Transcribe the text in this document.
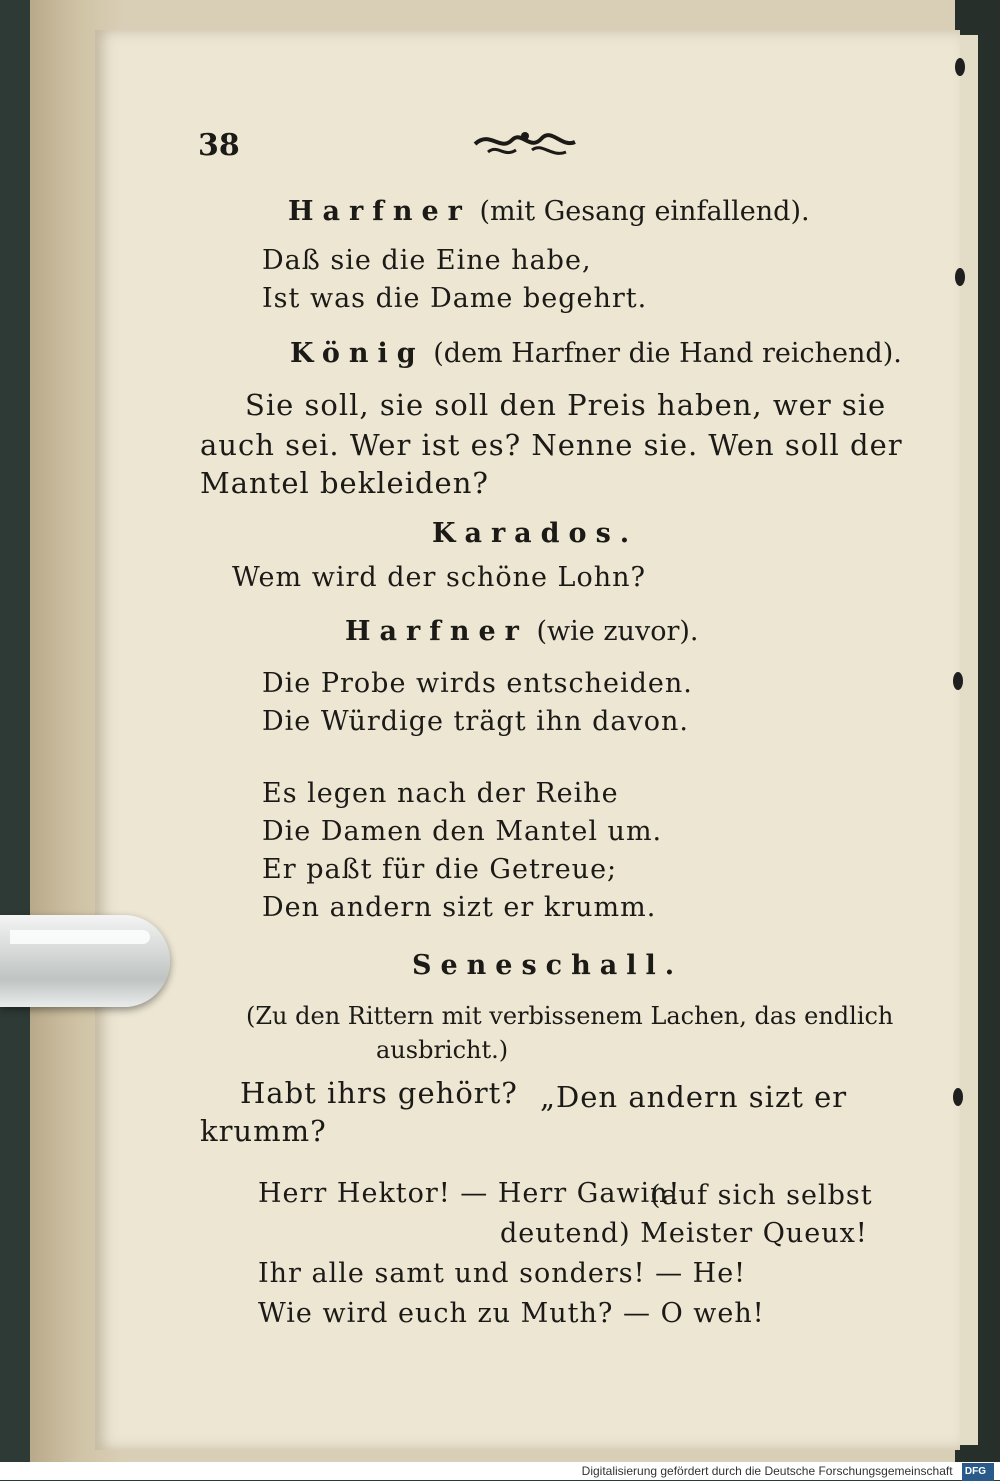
38
Harfner (mit Gesang einfallend).
Daß sie die Eine habe,
Ist was die Dame begehrt.
König (dem Harfner die Hand reichend).
Sie soll, sie soll den Preis haben, wer sie
auch sei. Wer ist es? Nenne sie. Wen soll der
Mantel bekleiden?
Karados.
Wem wird der schöne Lohn?
Harfner (wie zuvor).
Die Probe wirds entscheiden.
Die Würdige trägt ihn davon.
Es legen nach der Reihe
Die Damen den Mantel um.
Er paßt für die Getreue;
Den andern sizt er krumm.
Seneschall.
(Zu den Rittern mit verbissenem Lachen, das endlich
ausbricht.)
Habt ihrs gehört? „Den andern sizt er
krumm?
Herr Hektor! — Herr Gawin!
(auf sich selbst
deutend) Meister Queux!
Ihr alle samt und sonders! — He!
Wie wird euch zu Muth? — O weh!
Digitalisierung gefördert durch die Deutsche Forschungsgemeinschaft DFG
